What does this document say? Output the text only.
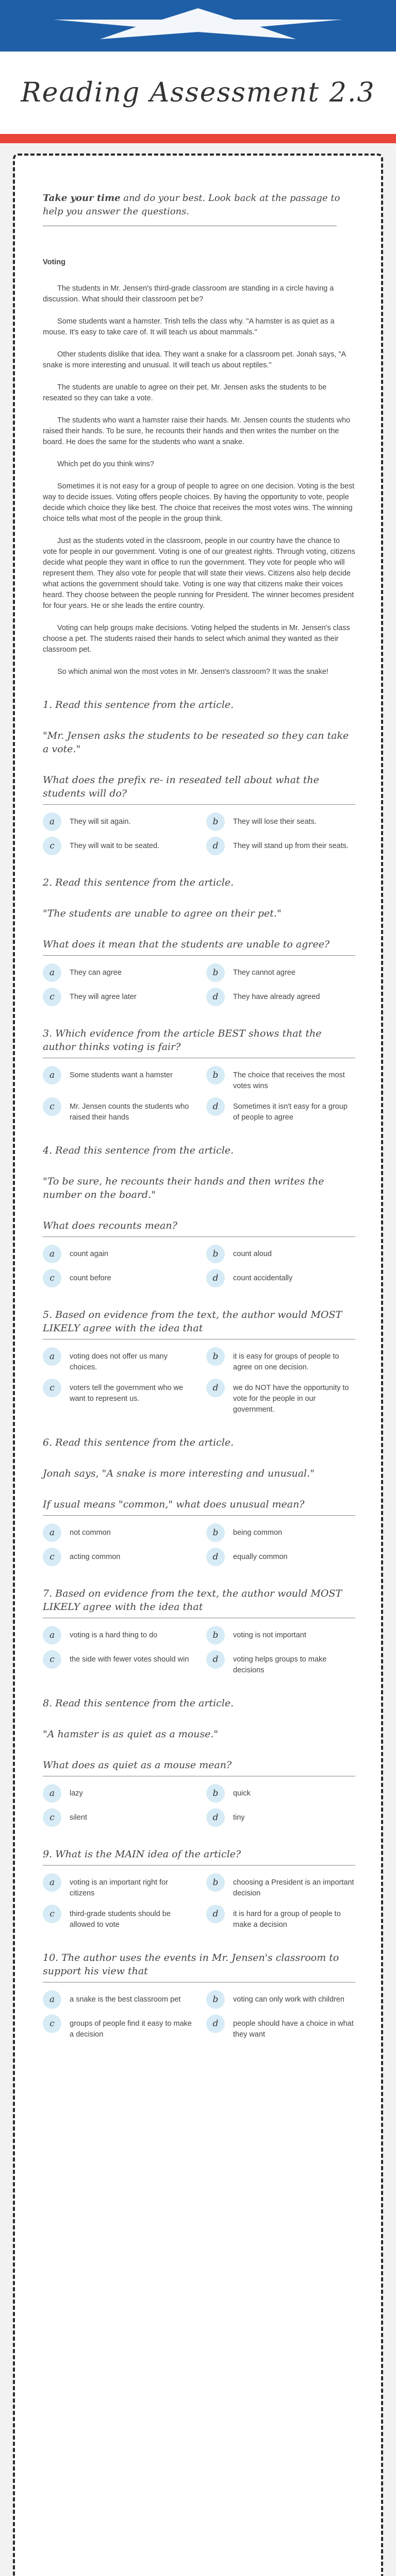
Reading Assessment 2.3
Take your time and do your best. Look back at the passage to help you answer the questions.
Voting

The students in Mr. Jensen's third-grade classroom are standing in a circle having a discussion. What should their classroom pet be?

Some students want a hamster. Trish tells the class why. "A hamster is as quiet as a mouse. It's easy to take care of. It will teach us about mammals."

Other students dislike that idea. They want a snake for a classroom pet. Jonah says, "A snake is more interesting and unusual. It will teach us about reptiles."

The students are unable to agree on their pet. Mr. Jensen asks the students to be reseated so they can take a vote.

The students who want a hamster raise their hands. Mr. Jensen counts the students who raised their hands. To be sure, he recounts their hands and then writes the number on the board. He does the same for the students who want a snake.

Which pet do you think wins?

Sometimes it is not easy for a group of people to agree on one decision. Voting is the best way to decide issues. Voting offers people choices. By having the opportunity to vote, people decide which choice they like best. The choice that receives the most votes wins. The winning choice tells what most of the people in the group think.

Just as the students voted in the classroom, people in our country have the chance to vote for people in our government. Voting is one of our greatest rights. Through voting, citizens decide what people they want in office to run the government. They vote for people who will represent them. They also vote for people that will state their views. Citizens also help decide what actions the government should take. Voting is one way that citizens make their voices heard. They choose between the people running for President. The winner becomes president for four years. He or she leads the entire country.

Voting can help groups make decisions. Voting helped the students in Mr. Jensen's class choose a pet. The students raised their hands to select which animal they wanted as their classroom pet.

So which animal won the most votes in Mr. Jensen's classroom? It was the snake!

1. Read this sentence from the article.
"Mr. Jensen asks the students to be reseated so they can take a vote."
What does the prefix re- in reseated tell about what the students will do?
a	They will sit again.	b	They will lose their seats.
c	They will wait to be seated.	d	They will stand up from their seats.
2. Read this sentence from the article.
"The students are unable to agree on their pet."
What does it mean that the students are unable to agree?
a	They can agree	b	They cannot agree
c	They will agree later	d	They have already agreed
3. Which evidence from the article BEST shows that the author thinks voting is fair?
a	Some students want a hamster	b	The choice that receives the most votes wins
c	Mr. Jensen counts the students who raised their hands
d	Sometimes it isn't easy for a group of people to agree
4. Read this sentence from the article.
"To be sure, he recounts their hands and then writes the number on the board."
What does recounts mean?
a	count again	b	count aloud
c	count before	d	count accidentally
5. Based on evidence from the text, the author would MOST LIKELY agree with the idea that
a	voting does not offer us many choices.
b	it is easy for groups of people to agree on one decision.
c	voters tell the government who we want to represent us.
d	we do NOT have the opportunity to vote for the people in our government.
6. Read this sentence from the article.
Jonah says, "A snake is more interesting and unusual."
If usual means "common," what does unusual mean?
a	not common	b	being common
c	acting common	d	equally common
7. Based on evidence from the text, the author would MOST LIKELY agree with the idea that
a	voting is a hard thing to do	b	voting is not important
c	the side with fewer votes should win	d	voting helps groups to make decisions
8. Read this sentence from the article.
"A hamster is as quiet as a mouse."
What does as quiet as a mouse mean?
a	lazy	b	quick
c	silent	d	tiny
9. What is the MAIN idea of the article?
a	voting is an important right for citizens
b	choosing a President is an important decision
c	third-grade students should be allowed to vote
d	it is hard for a group of people to make a decision
10. The author uses the events in Mr. Jensen's classroom to support his view that
a	a snake is the best classroom pet	b	voting can only work with children
c	groups of people find it easy to make a decision
d	people should have a choice in what they want
